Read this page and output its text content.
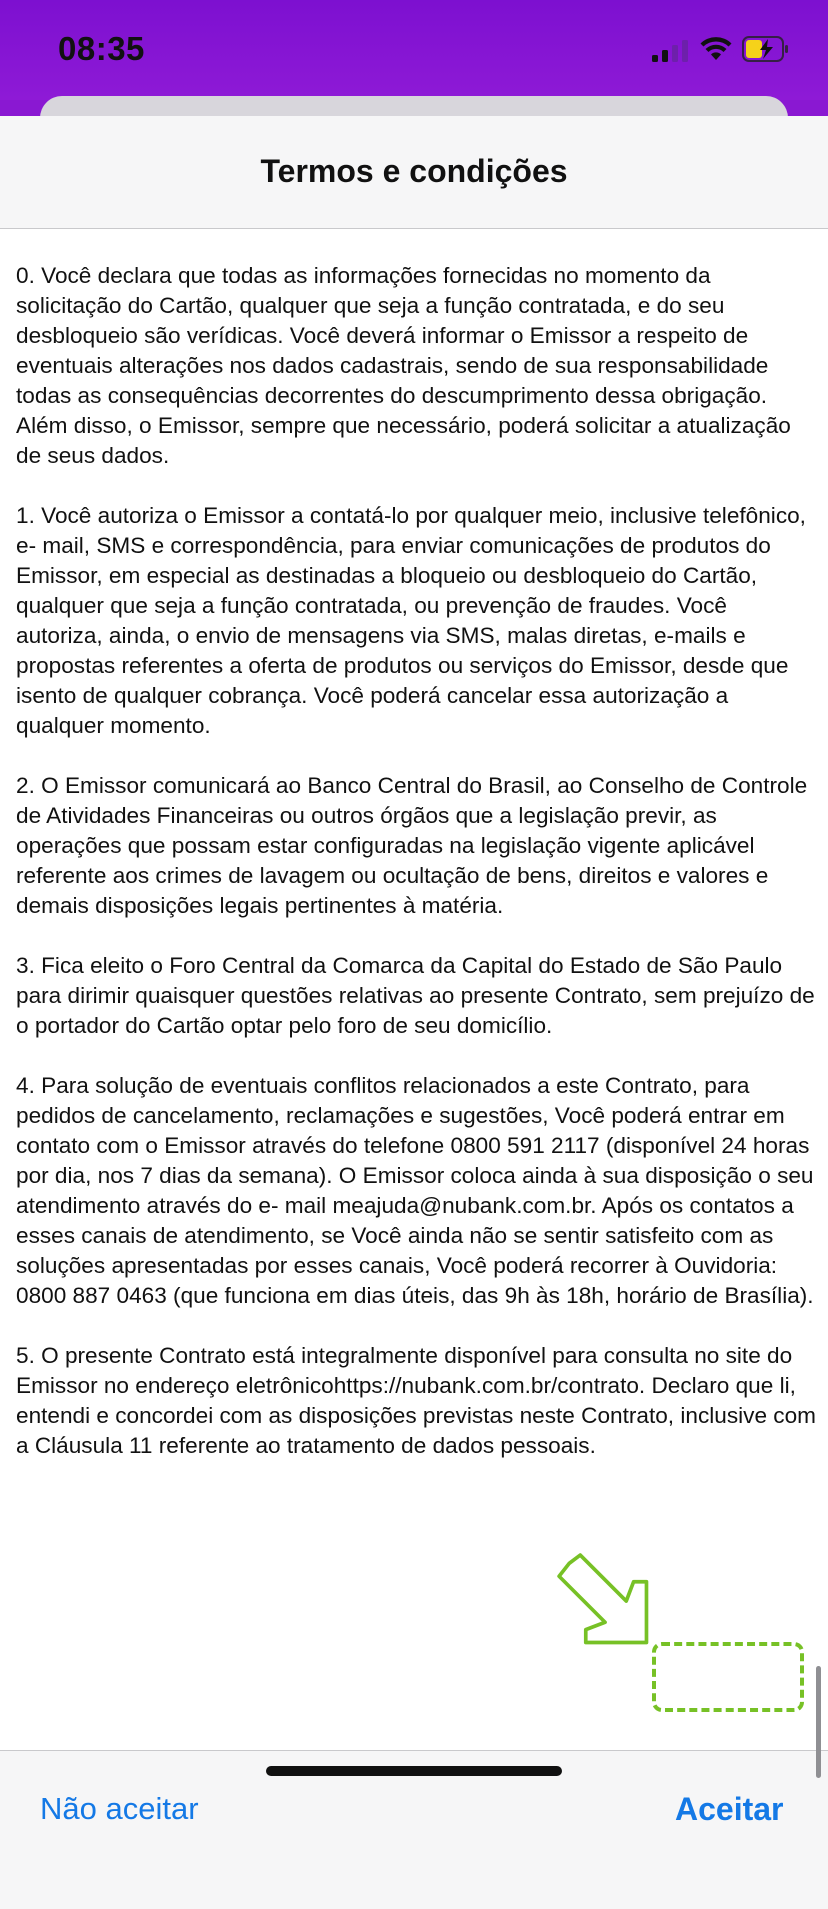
08:35
Termos e condições

0. Você declara que todas as informações fornecidas no momento da solicitação do Cartão, qualquer que seja a função contratada, e do seu desbloqueio são verídicas. Você deverá informar o Emissor a respeito de eventuais alterações nos dados cadastrais, sendo de sua responsabilidade todas as consequências decorrentes do descumprimento dessa obrigação. Além disso, o Emissor, sempre que necessário, poderá solicitar a atualização de seus dados.

1. Você autoriza o Emissor a contatá-lo por qualquer meio, inclusive telefônico, e- mail, SMS e correspondência, para enviar comunicações de produtos do Emissor, em especial as destinadas a bloqueio ou desbloqueio do Cartão, qualquer que seja a função contratada, ou prevenção de fraudes. Você autoriza, ainda, o envio de mensagens via SMS, malas diretas, e-mails e propostas referentes a oferta de produtos ou serviços do Emissor, desde que isento de qualquer cobrança. Você poderá cancelar essa autorização a qualquer momento.

2. O Emissor comunicará ao Banco Central do Brasil, ao Conselho de Controle de Atividades Financeiras ou outros órgãos que a legislação previr, as operações que possam estar configuradas na legislação vigente aplicável referente aos crimes de lavagem ou ocultação de bens, direitos e valores e demais disposições legais pertinentes à matéria.

3. Fica eleito o Foro Central da Comarca da Capital do Estado de São Paulo para dirimir quaisquer questões relativas ao presente Contrato, sem prejuízo de o portador do Cartão optar pelo foro de seu domicílio.

4. Para solução de eventuais conflitos relacionados a este Contrato, para pedidos de cancelamento, reclamações e sugestões, Você poderá entrar em contato com o Emissor através do telefone 0800 591 2117 (disponível 24 horas por dia, nos 7 dias da semana). O Emissor coloca ainda à sua disposição o seu atendimento através do e- mail meajuda@nubank.com.br. Após os contatos a esses canais de atendimento, se Você ainda não se sentir satisfeito com as soluções apresentadas por esses canais, Você poderá recorrer à Ouvidoria: 0800 887 0463 (que funciona em dias úteis, das 9h às 18h, horário de Brasília).

5. O presente Contrato está integralmente disponível para consulta no site do Emissor no endereço eletrônicohttps://nubank.com.br/contrato. Declaro que li, entendi e concordei com as disposições previstas neste Contrato, inclusive com a Cláusula 11 referente ao tratamento de dados pessoais.

Não aceitar	Aceitar
